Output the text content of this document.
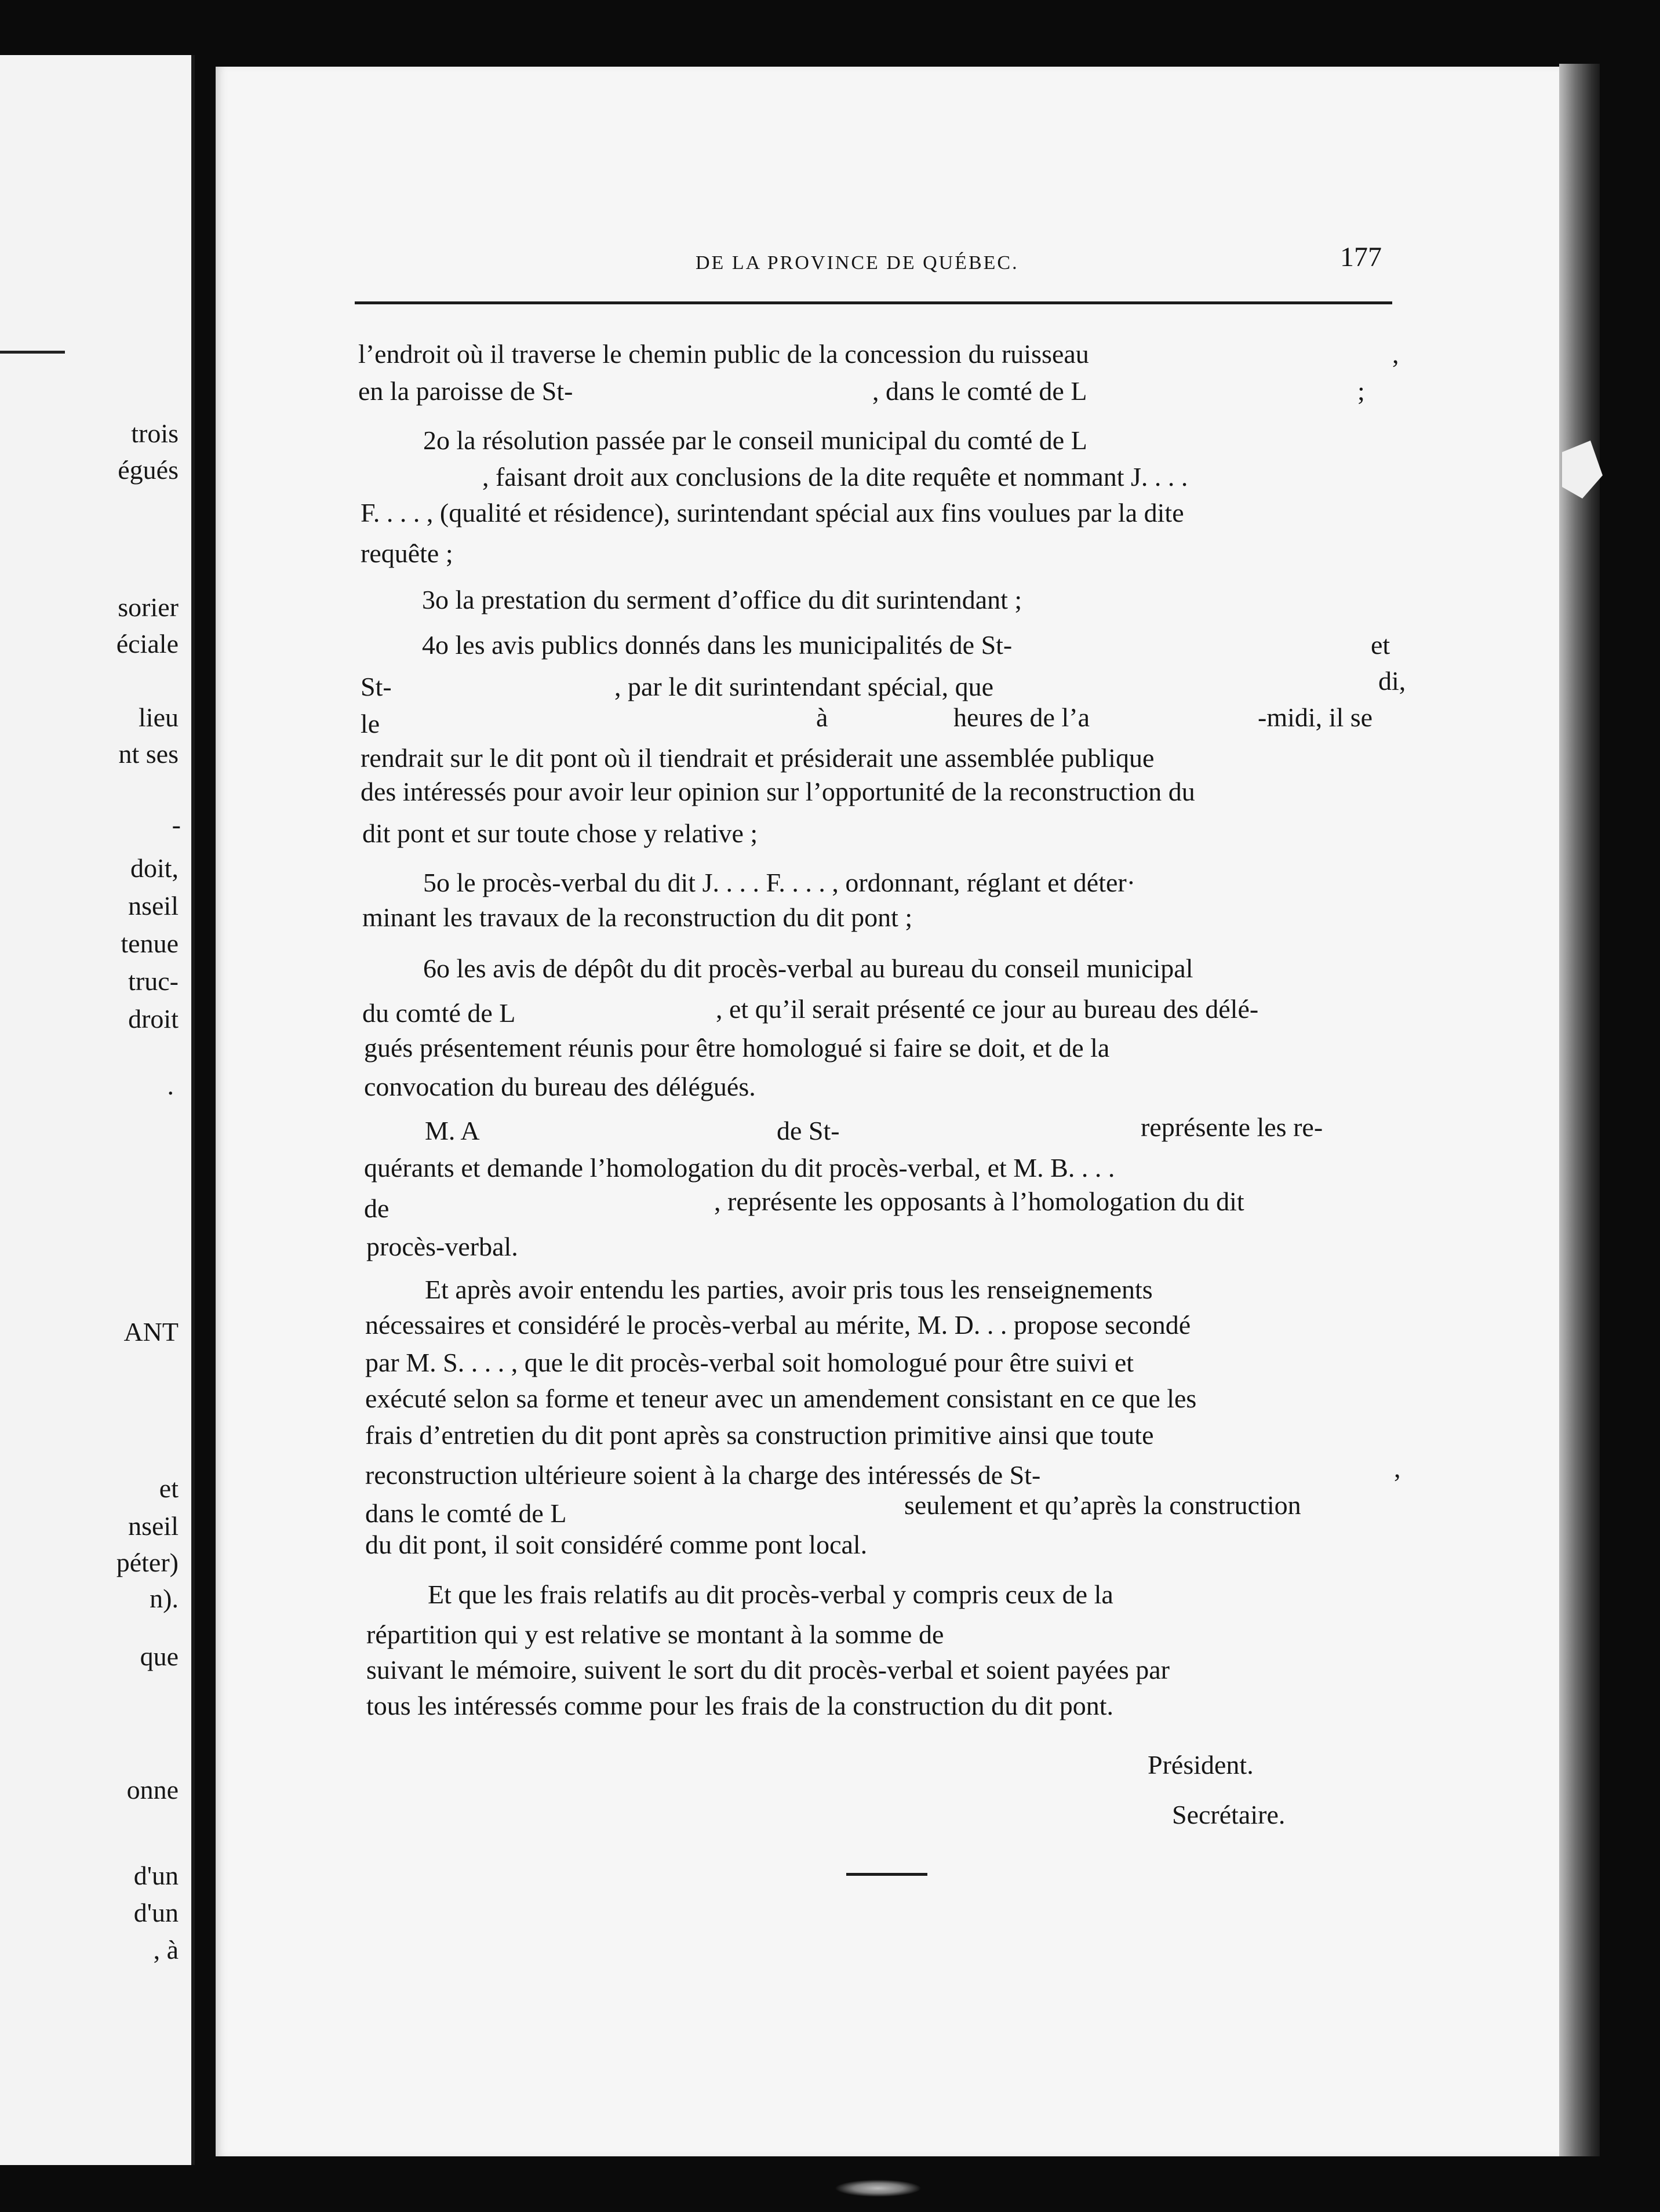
trois
égués
sorier
éciale
lieu
nt ses
-
doit,
nseil
tenue
truc-
droit
.
ANT
et
nseil
péter)
n).
que
onne
d'un
d'un
, à
DE LA PROVINCE DE QUÉBEC.	177
l’endroit où il traverse le chemin public de la concession du ruisseau	,
en la paroisse de St-	, dans le comté de L	;
2o la résolution passée par le conseil municipal du comté de L
, faisant droit aux conclusions de la dite requête et nommant J. . . .
F. . . . , (qualité et résidence), surintendant spécial aux fins voulues par la dite
requête ;
3o la prestation du serment d’office du dit surintendant ;
4o les avis publics donnés dans les municipalités de St-	et
St-	, par le dit surintendant spécial, que	di,
le	à	heures de l’a	-midi, il se
rendrait sur le dit pont où il tiendrait et présiderait une assemblée publique
des intéressés pour avoir leur opinion sur l’opportunité de la reconstruction du
dit pont et sur toute chose y relative ;
5o le procès-verbal du dit J. . . . F. . . . , ordonnant, réglant et déter·
minant les travaux de la reconstruction du dit pont ;
6o les avis de dépôt du dit procès-verbal au bureau du conseil municipal
du comté de L	, et qu’il serait présenté ce jour au bureau des délé-
gués présentement réunis pour être homologué si faire se doit, et de la
convocation du bureau des délégués.
M. A	de St-	représente les re-
quérants et demande l’homologation du dit procès-verbal, et M. B. . . .
de	, représente les opposants à l’homologation du dit
procès-verbal.
Et après avoir entendu les parties, avoir pris tous les renseignements
nécessaires et considéré le procès-verbal au mérite, M. D. . . propose secondé
par M. S. . . . , que le dit procès-verbal soit homologué pour être suivi et
exécuté selon sa forme et teneur avec un amendement consistant en ce que les
frais d’entretien du dit pont après sa construction primitive ainsi que toute
reconstruction ultérieure soient à la charge des intéressés de St-	,
dans le comté de L	seulement et qu’après la construction
du dit pont, il soit considéré comme pont local.
Et que les frais relatifs au dit procès-verbal y compris ceux de la
répartition qui y est relative se montant à la somme de
suivant le mémoire, suivent le sort du dit procès-verbal et soient payées par
tous les intéressés comme pour les frais de la construction du dit pont.
Président.
Secrétaire.
